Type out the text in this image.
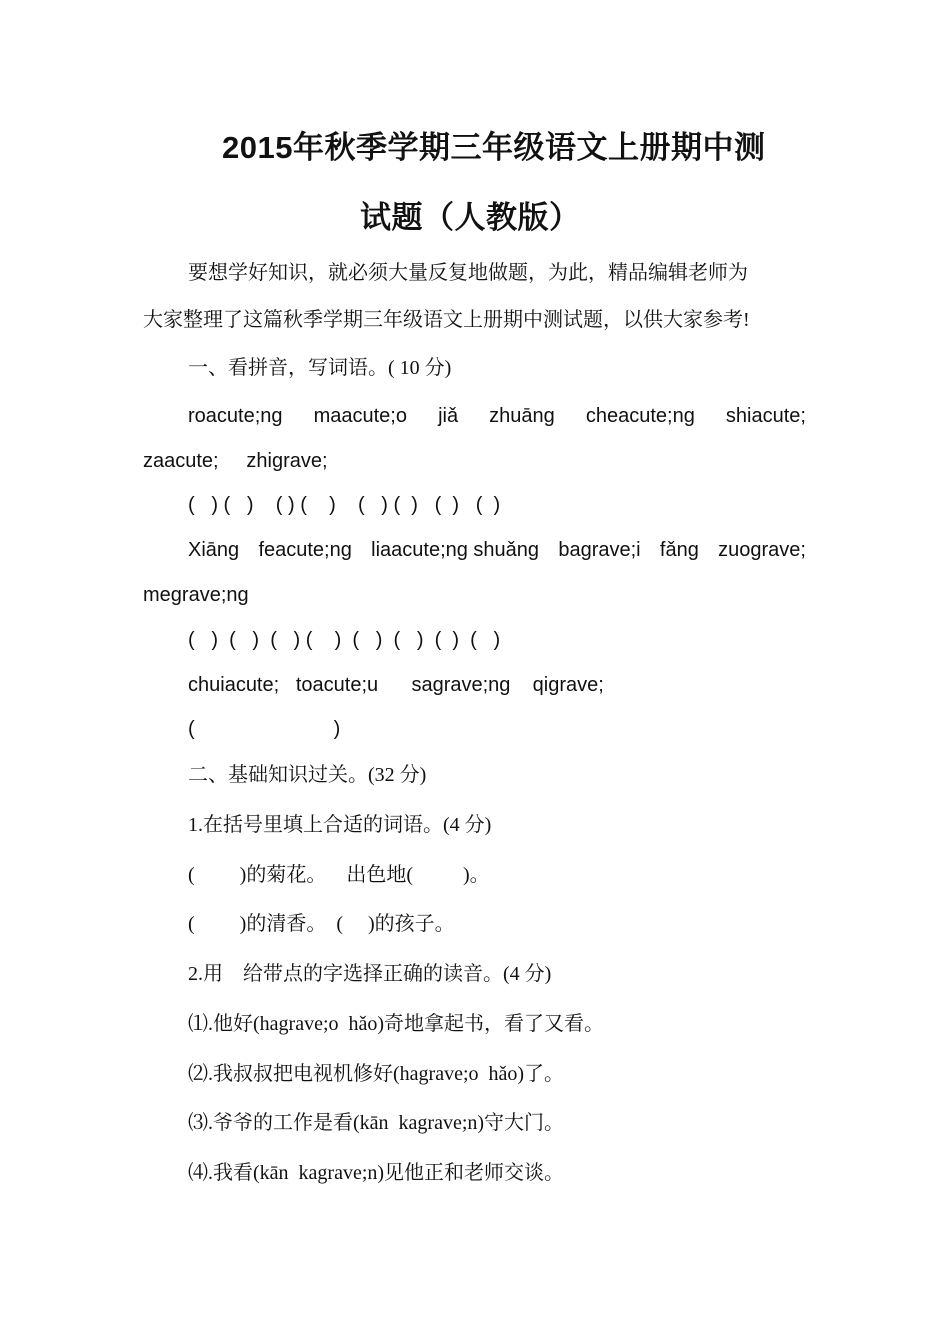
2015年秋季学期三年级语文上册期中测
试题（人教版）
要想学好知识，就必须大量反复地做题，为此，精品编辑老师为
大家整理了这篇秋季学期三年级语文上册期中测试题，以供大家参考!
一、看拼音，写词语。( 10 分)
roacute;ng maacute;o jiǎ zhuāng cheacute;ng shiacute;
zaacute;     zhigrave;
(   ) (   )    ( ) (    )    (   ) (  )   (  )   (  )
Xiāng feacute;ng liaacute;ng shuǎng bagrave;i fǎng zuograve;
megrave;ng
(   )  (   )  (   ) (    )  (   )  (   )  (  )  (   )
chuiacute;   toacute;u      sagrave;ng    qigrave;
(                         )
二、基础知识过关。(32 分)
1.在括号里填上合适的词语。(4 分)
(         )的菊花。    出色地(          )。
(         )的清香。  (     )的孩子。
2.用    给带点的字选择正确的读音。(4 分)
⑴.他好(hagrave;o  hǎo)奇地拿起书，看了又看。
⑵.我叔叔把电视机修好(hagrave;o  hǎo)了。
⑶.爷爷的工作是看(kān  kagrave;n)守大门。
⑷.我看(kān  kagrave;n)见他正和老师交谈。
